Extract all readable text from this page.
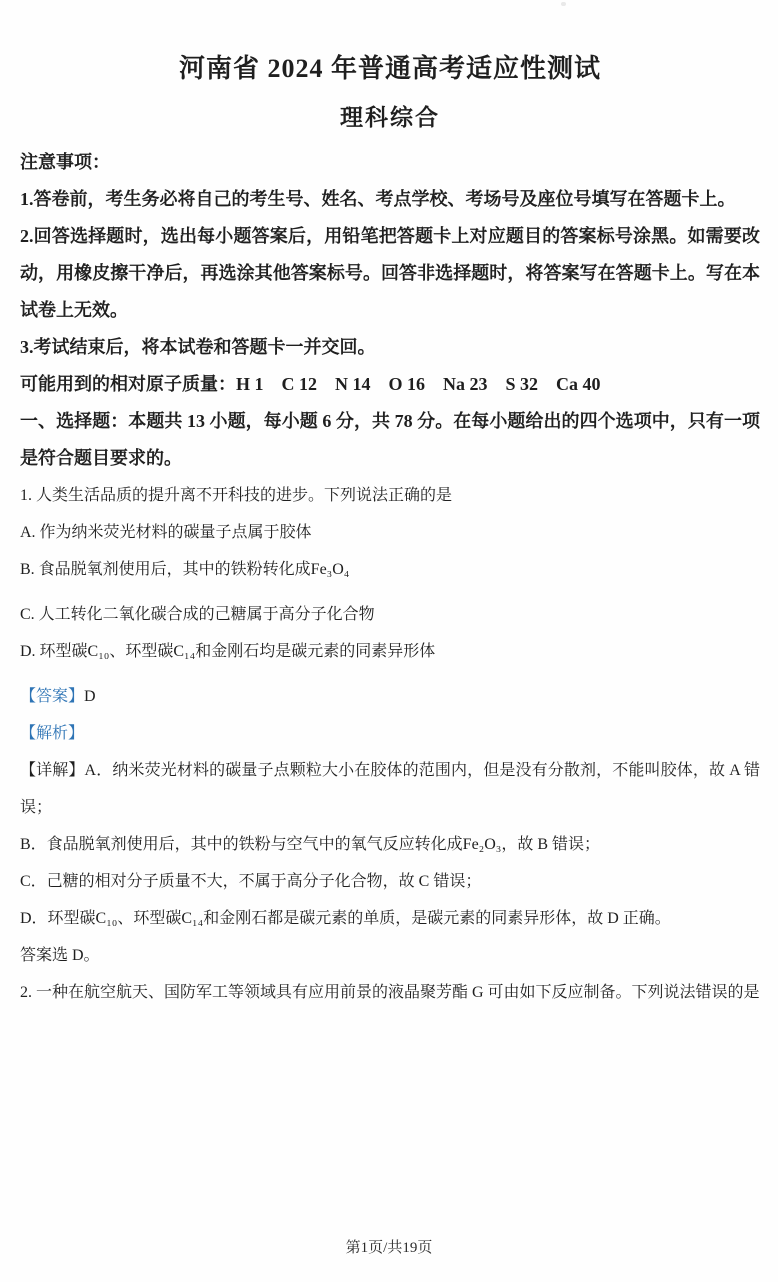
河南省 2024 年普通高考适应性测试
理科综合

注意事项：

1.答卷前，考生务必将自己的考生号、姓名、考点学校、考场号及座位号填写在答题卡上。

2.回答选择题时，选出每小题答案后，用铅笔把答题卡上对应题目的答案标号涂黑。如需要改动，用橡皮擦干净后，再选涂其他答案标号。回答非选择题时，将答案写在答题卡上。写在本试卷上无效。

3.考试结束后，将本试卷和答题卡一并交回。

可能用到的相对原子质量：H 1　C 12　N 14　O 16　Na 23　S 32　Ca 40

一、选择题：本题共 13 小题，每小题 6 分，共 78 分。在每小题给出的四个选项中，只有一项是符合题目要求的。

1. 人类生活品质的提升离不开科技的进步。下列说法正确的是

A. 作为纳米荧光材料的碳量子点属于胶体

B. 食品脱氧剂使用后，其中的铁粉转化成Fe₃O₄

C. 人工转化二氧化碳合成的己糖属于高分子化合物

D. 环型碳C₁₀、环型碳C₁₄和金刚石均是碳元素的同素异形体

【答案】D

【解析】

【详解】A．纳米荧光材料的碳量子点颗粒大小在胶体的范围内，但是没有分散剂，不能叫胶体，故 A 错误；

B．食品脱氧剂使用后，其中的铁粉与空气中的氧气反应转化成Fe₂O₃，故 B 错误；

C．己糖的相对分子质量不大，不属于高分子化合物，故 C 错误；

D．环型碳C₁₀、环型碳C₁₄和金刚石都是碳元素的单质，是碳元素的同素异形体，故 D 正确。

答案选 D。

2. 一种在航空航天、国防军工等领域具有应用前景的液晶聚芳酯 G 可由如下反应制备。下列说法错误的是

第1页/共19页
